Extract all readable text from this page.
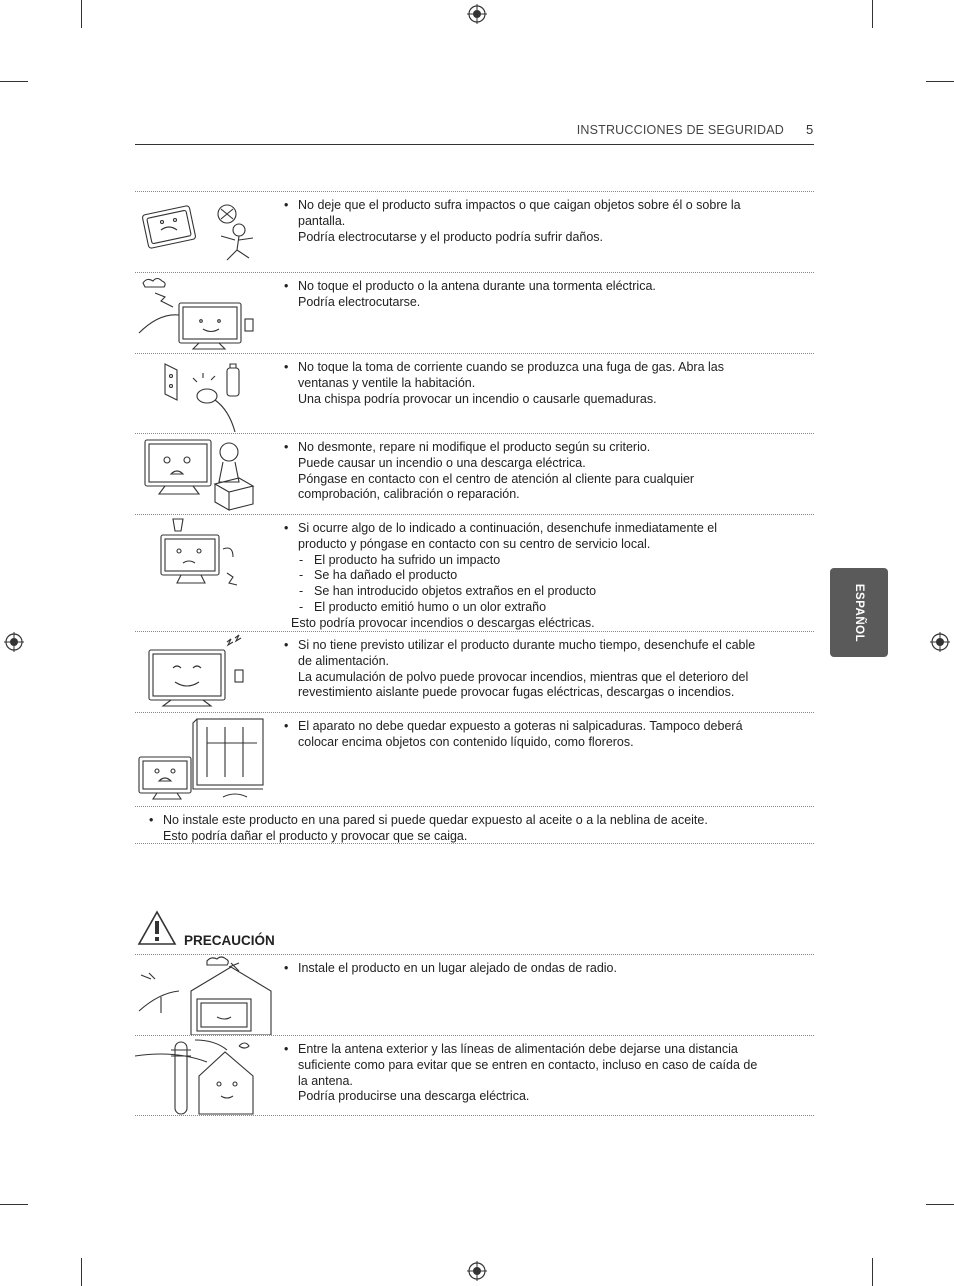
INSTRUCCIONES DE SEGURIDAD 5
ESPAÑOL
• No deje que el producto sufra impactos o que caigan objetos sobre él o sobre la
pantalla.
Podría electrocutarse y el producto podría sufrir daños.
• No toque el producto o la antena durante una tormenta eléctrica.
Podría electrocutarse.
• No toque la toma de corriente cuando se produzca una fuga de gas. Abra las
ventanas y ventile la habitación.
Una chispa podría provocar un incendio o causarle quemaduras.
• No desmonte, repare ni modifique el producto según su criterio.
Puede causar un incendio o una descarga eléctrica.
Póngase en contacto con el centro de atención al cliente para cualquier
comprobación, calibración o reparación.
• Si ocurre algo de lo indicado a continuación, desenchufe inmediatamente el
producto y póngase en contacto con su centro de servicio local.
- El producto ha sufrido un impacto
- Se ha dañado el producto
- Se han introducido objetos extraños en el producto
- El producto emitió humo o un olor extraño
Esto podría provocar incendios o descargas eléctricas.
• Si no tiene previsto utilizar el producto durante mucho tiempo, desenchufe el cable
de alimentación.
La acumulación de polvo puede provocar incendios, mientras que el deterioro del
revestimiento aislante puede provocar fugas eléctricas, descargas o incendios.
• El aparato no debe quedar expuesto a goteras ni salpicaduras. Tampoco deberá
colocar encima objetos con contenido líquido, como floreros.
• No instale este producto en una pared si puede quedar expuesto al aceite o a la neblina de aceite.
Esto podría dañar el producto y provocar que se caiga.
PRECAUCIÓN
• Instale el producto en un lugar alejado de ondas de radio.
• Entre la antena exterior y las líneas de alimentación debe dejarse una distancia
suficiente como para evitar que se entren en contacto, incluso en caso de caída de
la antena.
Podría producirse una descarga eléctrica.
